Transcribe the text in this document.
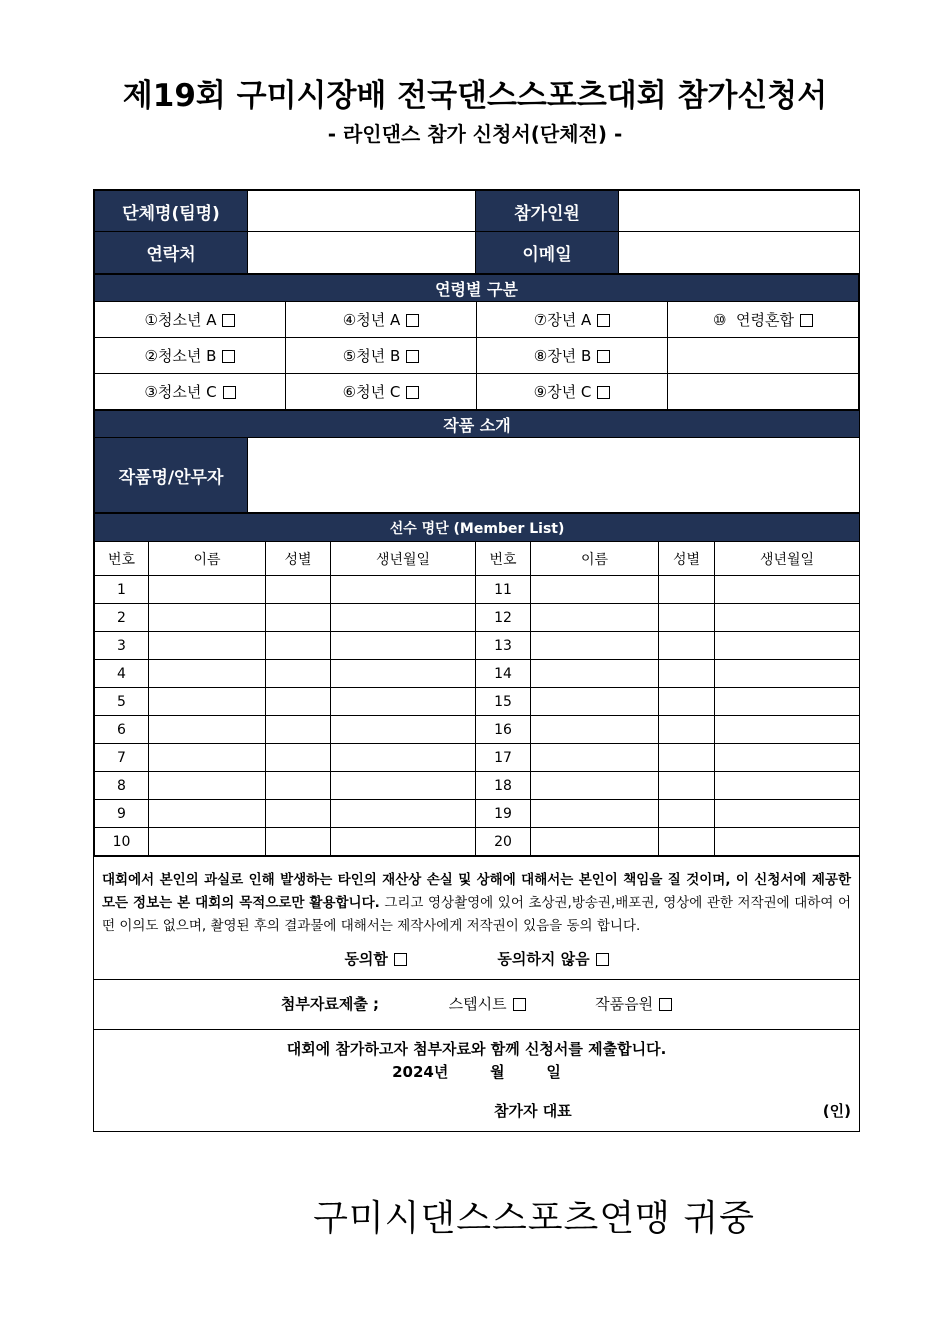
제19회 구미시장배 전국댄스스포츠대회 참가신청서
- 라인댄스 참가 신청서(단체전) -
단체명(팀명)		참가인원	
연락처		이메일	
연령별 구분			
①청소년 A	④청년 A	⑦장년 A	⑩  연령혼합
②청소년 B	⑤청년 B	⑧장년 B	
③청소년 C	⑥청년 C	⑨장년 C	
작품 소개
작품명/안무자	
선수 명단 (Member List)							
번호	이름	성별	생년월일	번호	이름	성별	생년월일
1				11			
2				12			
3				13			
4				14			
5				15			
6				16			
7				17			
8				18			
9				19			
10				20			
대회에서 본인의 과실로 인해 발생하는 타인의 재산상 손실 및 상해에 대해서는 본인이 책임을 질 것이며, 이 신청서에 제공한 모든 정보는 본 대회의 목적으로만 활용합니다. 그리고 영상촬영에 있어 초상권,방송권,배포권, 영상에 관한 저작권에 대하여 어떤 이의도 없으며, 촬영된 후의 결과물에 대해서는 제작사에게 저작권이 있음을 동의 합니다.
동의함	동의하지 않음
첨부자료제출 ;	스텝시트	작품음원
대회에 참가하고자 첨부자료와 함께 신청서를 제출합니다.
2024년        월        일
참가자 대표	(인)
구미시댄스스포츠연맹 귀중
